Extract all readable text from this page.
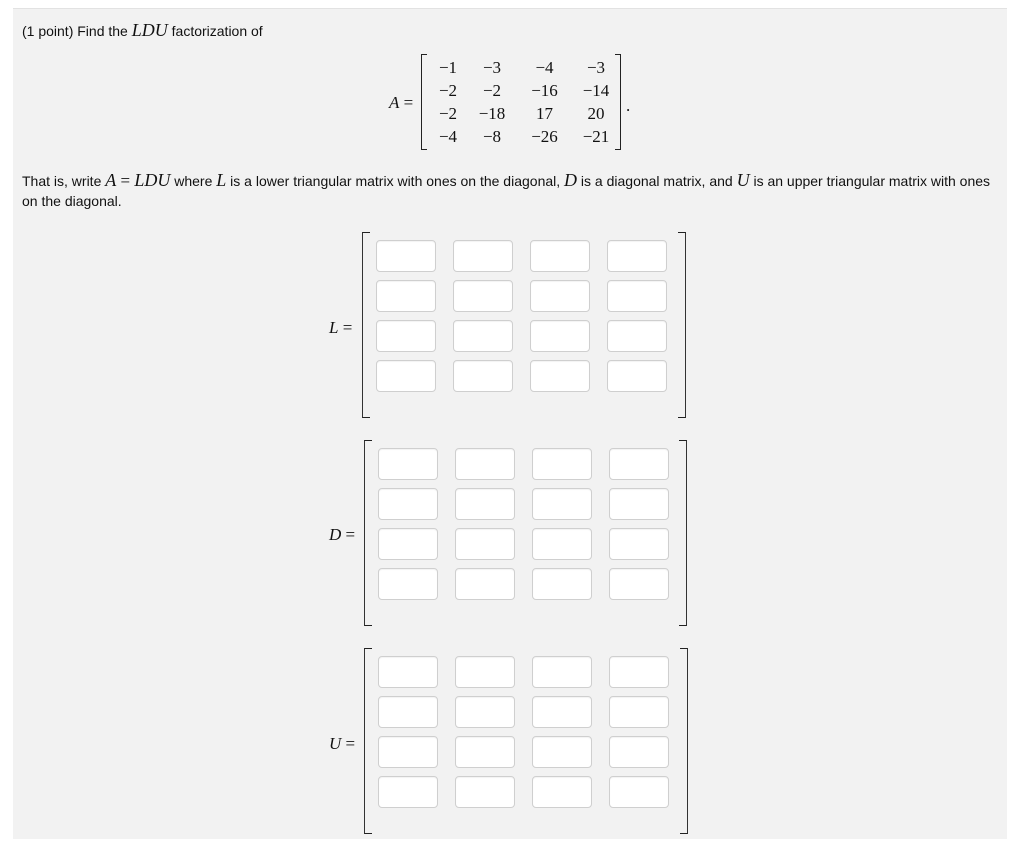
(1 point) Find the LDU factorization of
A =
−1	−3	−4	−3
−2	−2	−16	−14
−2	−18	17	20
−4	−8	−26	−21
.
That is, write A = LDU where L is a lower triangular matrix with ones on the diagonal, D is a diagonal matrix, and U is an upper triangular matrix with ones on the diagonal.
L =
D =
U =
